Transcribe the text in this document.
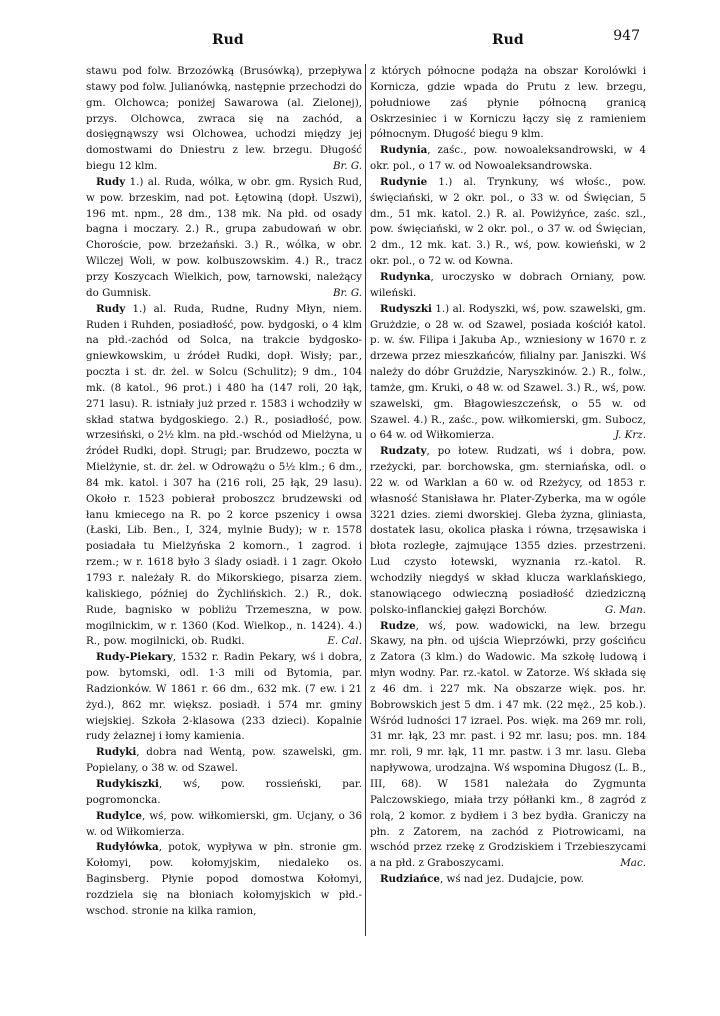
Rud	Rud	947

stawu pod folw. Brzozówką (Brusówką), przepływa stawy pod folw. Julianówką, następnie przechodzi do gm. Olchowca; poniżej Sawarowa (al. Zielonej), przys. Olchowca, zwraca się na zachód, a dosięgnąwszy wsi Olchowea, uchodzi między jej domostwami do Dniestru z lew. brzegu. Długość biegu 12 klm.	Br. G.

Rudy 1.) al. Ruda, wólka, w obr. gm. Rysich Rud, w pow. brzeskim, nad pot. Łętowiną (dopł. Uszwi), 196 mt. npm., 28 dm., 138 mk. Na płd. od osady bagna i moczary. 2.) R., grupa zabudowań w obr. Choroście, pow. brzeżański. 3.) R., wólka, w obr. Wilczej Woli, w pow. kolbuszowskim. 4.) R., tracz przy Koszycach Wielkich, pow, tarnowski, należący do Gumnisk.	Br. G.

Rudy 1.) al. Ruda, Rudne, Rudny Młyn, niem. Ruden i Ruhden, posiadłość, pow. bydgoski, o 4 klm na płd.-zachód od Solca, na trakcie bydgosko-gniewkowskim, u źródeł Rudki, dopł. Wisły; par., poczta i st. dr. żel. w Solcu (Schulitz); 9 dm., 104 mk. (8 katol., 96 prot.) i 480 ha (147 roli, 20 łąk, 271 lasu). R. istniały już przed r. 1583 i wchodziły w skład statwa bydgoskiego. 2.) R., posiadłość, pow. wrzesiński, o 2½ klm. na płd.-wschód od Mielżyna, u źródeł Rudki, dopł. Strugi; par. Brudzewo, poczta w Mielżynie, st. dr. żel. w Odrowążu o 5½ klm.; 6 dm., 84 mk. katol. i 307 ha (216 roli, 25 łąk, 29 lasu). Około r. 1523 pobierał proboszcz brudzewski od łanu kmiecego na R. po 2 korce pszenicy i owsa (Łaski, Lib. Ben., I, 324, mylnie Budy); w r. 1578 posiadała tu Mielżyńska 2 komorn., 1 zagrod. i rzem.; w r. 1618 było 3 ślady osiadł. i 1 zagr. Około 1793 r. należały R. do Mikorskiego, pisarza ziem. kaliskiego, później do Żychlińskich. 2.) R., dok. Rude, bagnisko w pobliżu Trzemeszna, w pow. mogilnickim, w r. 1360 (Kod. Wielkop., n. 1424). 4.) R., pow. mogilnicki, ob. Rudki.	E. Cal.

Rudy-Piekary, 1532 r. Radin Pekary, wś i dobra, pow. bytomski, odl. 1·3 mili od Bytomia, par. Radzionków. W 1861 r. 66 dm., 632 mk. (7 ew. i 21 żyd.), 862 mr. większ. posiadł. i 574 mr. gminy wiejskiej. Szkoła 2-klasowa (233 dzieci). Kopalnie rudy żelaznej i łomy kamienia.

Rudyki, dobra nad Wentą, pow. szawelski, gm. Popielany, o 38 w. od Szawel.

Rudykiszki, wś, pow. rossieński, par. pogromoncka.

Rudylce, wś, pow. wiłkomierski, gm. Ucjany, o 36 w. od Wiłkomierza.

Rudyłówka, potok, wypływa w płn. stronie gm. Kołomyi, pow. kołomyjskim, niedaleko os. Baginsberg. Płynie popod domostwa Kołomyi, rozdziela się na błoniach kołomyjskich w płd.-wschod. stronie na kilka ramion,

z których północne podąża na obszar Korolówki i Kornicza, gdzie wpada do Prutu z lew. brzegu, południowe zaś płynie północną granicą Oskrzesiniec i w Korniczu łączy się z ramieniem północnym. Długość biegu 9 klm.

Rudynia, zaśc., pow. nowoaleksandrowski, w 4 okr. pol., o 17 w. od Nowoaleksandrowska.

Rudynie 1.) al. Trynkuny, wś włośc., pow. święciański, w 2 okr. pol., o 33 w. od Święcian, 5 dm., 51 mk. katol. 2.) R. al. Powiżyńce, zaśc. szl., pow. święciański, w 2 okr. pol., o 37 w. od Święcian, 2 dm., 12 mk. kat. 3.) R., wś, pow. kowieński, w 2 okr. pol., o 72 w. od Kowna.

Rudynka, uroczysko w dobrach Orniany, pow. wileński.

Rudyszki 1.) al. Rodyszki, wś, pow. szawelski, gm. Grużdzie, o 28 w. od Szawel, posiada kościół katol. p. w. św. Filipa i Jakuba Ap., wzniesiony w 1670 r. z drzewa przez mieszkańców, filialny par. Janiszki. Wś należy do dóbr Grużdzie, Naryszkinów. 2.) R., folw., tamże, gm. Kruki, o 48 w. od Szawel. 3.) R., wś, pow. szawelski, gm. Błagowieszczeńsk, o 55 w. od Szawel. 4.) R., zaśc., pow. wiłkomierski, gm. Subocz, o 64 w. od Wiłkomierza.	J. Krz.

Rudzaty, po łotew. Rudzati, wś i dobra, pow. rzeżycki, par. borchowska, gm. sterniańska, odl. o 22 w. od Warklan a 60 w. od Rzeżycy, od 1853 r. własność Stanisława hr. Plater-Zyberka, ma w ogóle 3221 dzies. ziemi dworskiej. Gleba żyzna, gliniasta, dostatek lasu, okolica płaska i równa, trzęsawiska i błota rozległe, zajmujące 1355 dzies. przestrzeni. Lud czysto łotewski, wyznania rz.-katol. R. wchodziły niegdyś w skład klucza warklańskiego, stanowiącego odwieczną posiadłość dziedziczną polsko-inflanckiej gałęzi Borchów.	G. Man.

Rudze, wś, pow. wadowicki, na lew. brzegu Skawy, na płn. od ujścia Wieprzówki, przy gościńcu z Zatora (3 klm.) do Wadowic. Ma szkołę ludową i młyn wodny. Par. rz.-katol. w Zatorze. Wś składa się z 46 dm. i 227 mk. Na obszarze więk. pos. hr. Bobrowskich jest 5 dm. i 47 mk. (22 męż., 25 kob.). Wśród ludności 17 izrael. Pos. więk. ma 269 mr. roli, 31 mr. łąk, 23 mr. past. i 92 mr. lasu; pos. mn. 184 mr. roli, 9 mr. łąk, 11 mr. pastw. i 3 mr. lasu. Gleba napływowa, urodzajna. Wś wspomina Długosz (L. B., III, 68). W 1581 należała do Zygmunta Palczowskiego, miała trzy półłanki km., 8 zagród z rolą, 2 komor. z bydłem i 3 bez bydła. Graniczy na płn. z Zatorem, na zachód z Piotrowicami, na wschód przez rzekę z Grodziskiem i Trzebieszycami a na płd. z Graboszycami.	Mac.

Rudziańce, wś nad jez. Dudajcie, pow.
